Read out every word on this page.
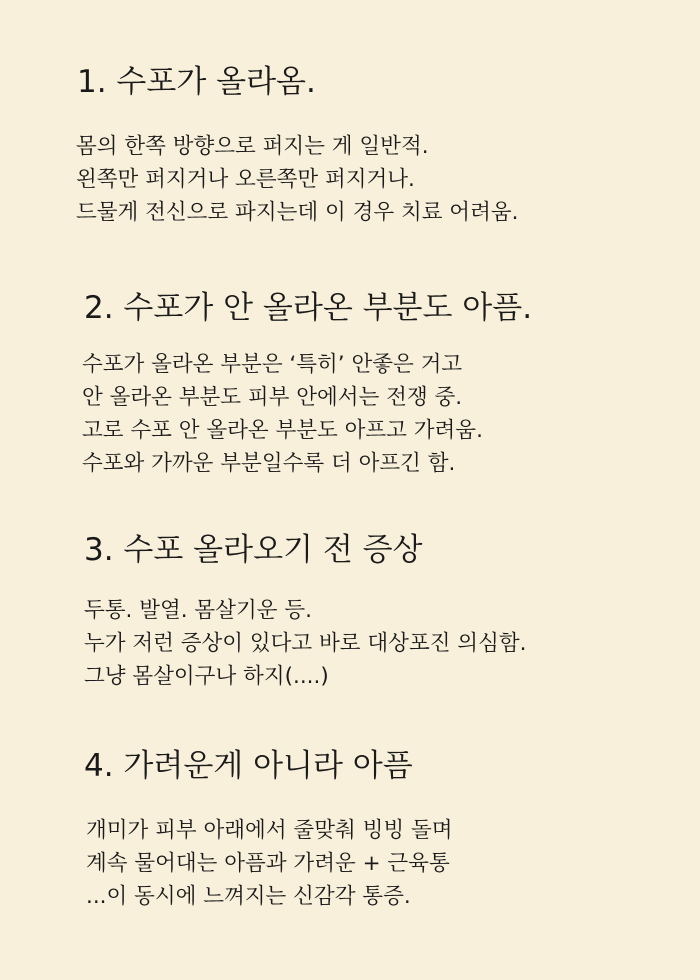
1. 수포가 올라옴.
몸의 한쪽 방향으로 퍼지는 게 일반적.
왼쪽만 퍼지거나 오른쪽만 퍼지거나.
드물게 전신으로 파지는데 이 경우 치료 어려움.
2. 수포가 안 올라온 부분도 아픔.
수포가 올라온 부분은 ‘특히’ 안좋은 거고
안 올라온 부분도 피부 안에서는 전쟁 중.
고로 수포 안 올라온 부분도 아프고 가려움.
수포와 가까운 부분일수록 더 아프긴 함.
3. 수포 올라오기 전 증상
두통. 발열. 몸살기운 등.
누가 저런 증상이 있다고 바로 대상포진 의심함.
그냥 몸살이구나 하지(....)
4. 가려운게 아니라 아픔
개미가 피부 아래에서 줄맞춰 빙빙 돌며
계속 물어대는 아픔과 가려운 + 근육통
...이 동시에 느껴지는 신감각 통증.
